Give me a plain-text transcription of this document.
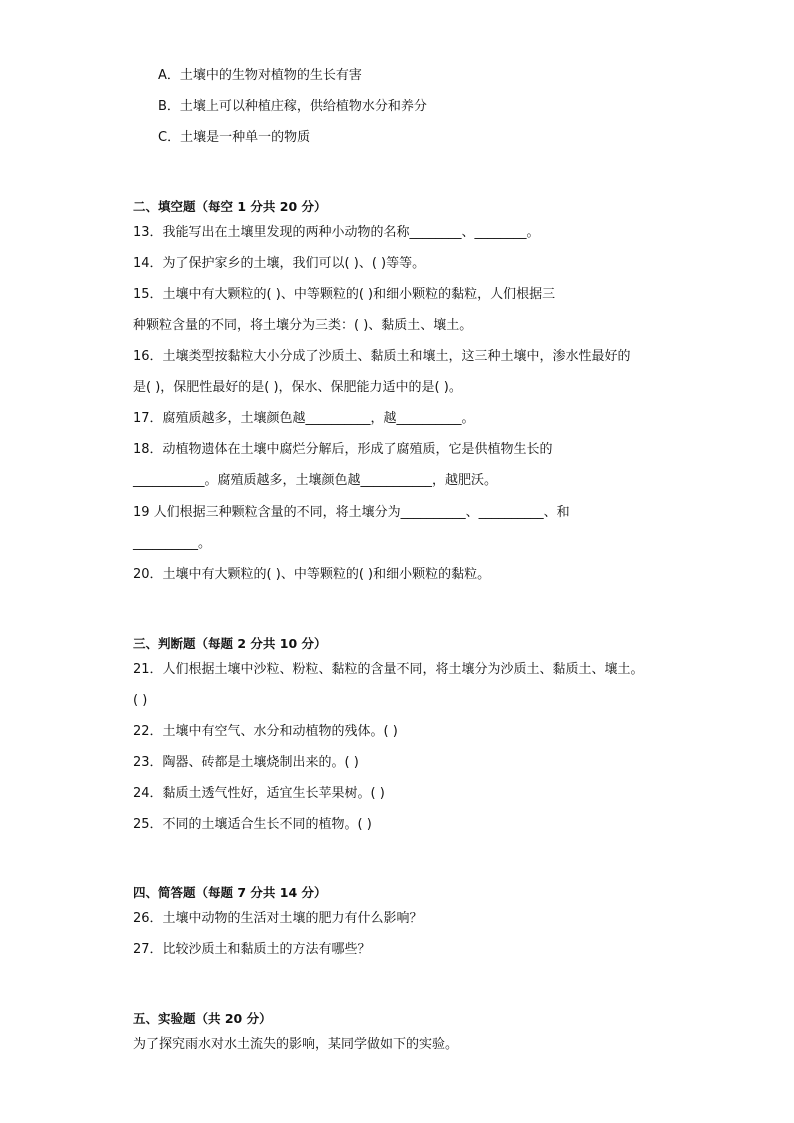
A．土壤中的生物对植物的生长有害
B．土壤上可以种植庄稼，供给植物水分和养分
C．土壤是一种单一的物质
二、填空题（每空 1 分共 20 分）
13．我能写出在土壤里发现的两种小动物的名称________、________。
14．为了保护家乡的土壤，我们可以( )、( )等等。
15．土壤中有大颗粒的( )、中等颗粒的( )和细小颗粒的黏粒，人们根据三
种颗粒含量的不同，将土壤分为三类：( )、黏质土、壤土。
16．土壤类型按黏粒大小分成了沙质土、黏质土和壤土，这三种土壤中，渗水性最好的
是( )，保肥性最好的是( )，保水、保肥能力适中的是( )。
17．腐殖质越多，土壤颜色越__________，越__________。
18．动植物遗体在土壤中腐烂分解后，形成了腐殖质，它是供植物生长的
___________。腐殖质越多，土壤颜色越___________，越肥沃。
19 人们根据三种颗粒含量的不同，将土壤分为__________、__________、和
__________。
20．土壤中有大颗粒的( )、中等颗粒的( )和细小颗粒的黏粒。
三、判断题（每题 2 分共 10 分）
21．人们根据土壤中沙粒、粉粒、黏粒的含量不同，将土壤分为沙质土、黏质土、壤土。
( )
22．土壤中有空气、水分和动植物的残体。( )
23．陶器、砖都是土壤烧制出来的。( )
24．黏质土透气性好，适宜生长苹果树。( )
25．不同的土壤适合生长不同的植物。( )
四、简答题（每题 7 分共 14 分）
26．土壤中动物的生活对土壤的肥力有什么影响？
27．比较沙质土和黏质土的方法有哪些？
五、实验题（共 20 分）
为了探究雨水对水土流失的影响，某同学做如下的实验。
